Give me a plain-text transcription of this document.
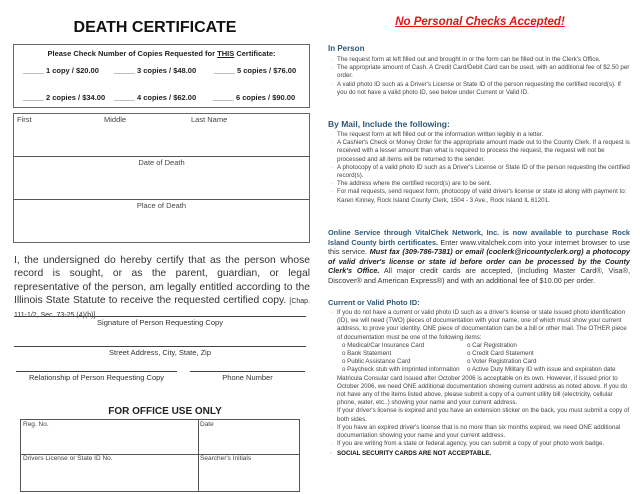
DEATH CERTIFICATE
Please Check Number of Copies Requested for THIS Certificate:
_____ 1 copy / $20.00 _____ 3 copies / $48.00 _____ 5 copies / $76.00
_____ 2 copies / $34.00 _____ 4 copies / $62.00 _____ 6 copies / $90.00
First	Middle	Last Name
Date of Death
Place of Death
I, the undersigned do hereby certify that as the person whose record is sought, or as the parent, guardian, or legal representative of the person, am legally entitled according to the Illinois State Statute to receive the requested certified copy. [Chap. 111-1/2, Sec. 73-25 (4)(b)]
Signature of Person Requesting Copy
Street Address, City, State, Zip
Relationship of Person Requesting Copy	Phone Number
FOR OFFICE USE ONLY
Reg. No.	Date
Drivers License or State ID No.	Searcher's Initials
No Personal Checks Accepted!
In Person
· The request form at left filled out and brought in or the form can be filled out in the Clerk's Office.
· The appropriate amount of Cash. A Credit Card/Debit Card can be used, with an additional fee of $2.50 per order.
· A valid photo ID such as a Driver's License or State ID of the person requesting the certified record(s). If you do not have a valid photo ID, see below under Current or Valid ID.
By Mail, Include the following:
· The request form at left filled out or the information written legibly in a letter.
· A Cashier's Check or Money Order for the appropriate amount made out to the County Clerk. If a request is received with a lesser amount than what is required to process the request, the request will not be processed and all items will be returned to the sender.
· A photocopy of a valid photo ID such as a Driver's License or State ID of the person requesting the certified record(s).
· The address where the certified record(s) are to be sent.
· For mail requests, send request form, photocopy of valid driver's license or state id along with payment to: Karen Kinney, Rock Island County Clerk, 1504 - 3 Ave., Rock Island IL 61201.
Online Service through VitalChek Network, Inc. is now available to purchase Rock Island County birth certificates. Enter www.vitalchek.com into your internet browser to use this service. Must fax (309-786-7381) or email (coclerk@ricountyclerk.org) a photocopy of valid driver's license or state id before order can be processed by the County Clerk's Office. All major credit cards are accepted, (including Master Card®, Visa®, Discover® and American Express®) and with an additional fee of $10.00 per order.
Current or Valid Photo ID:
· If you do not have a current or valid photo ID such as a driver's license or state issued photo identification (ID), we will need (TWO) pieces of documentation with your name, one of which must show your current address, to prove your identity. ONE piece of documentation can be a bill or other mail. The OTHER piece of documentation must be one of the following items:
o Medical/Car Insurance Card	o Car Registration
o Bank Statement	o Credit Card Statement
o Public Assistance Card	o Voter Registration Card
o Paycheck stub with imprinted information	o Active Duty Military ID with issue and expiration date
· Matricula Consular card Issued after October 2006 is acceptable on its own. However, if issued prior to October 2006, we need ONE additional documentation showing current address as noted above. If you do not have any of the items listed above, please submit a copy of a current utility bill (electricity, cellular phone, water, etc..) showing your name and your current address.
· If your driver's license is expired and you have an extension sticker on the back, you must submit a copy of both sides.
· If you have an expired driver's license that is no more than six months expired, we need ONE additional documentation showing your name and your current address.
· If you are writing from a state or federal agency, you can submit a copy of your photo work badge.
· SOCIAL SECURITY CARDS ARE NOT ACCEPTABLE.
